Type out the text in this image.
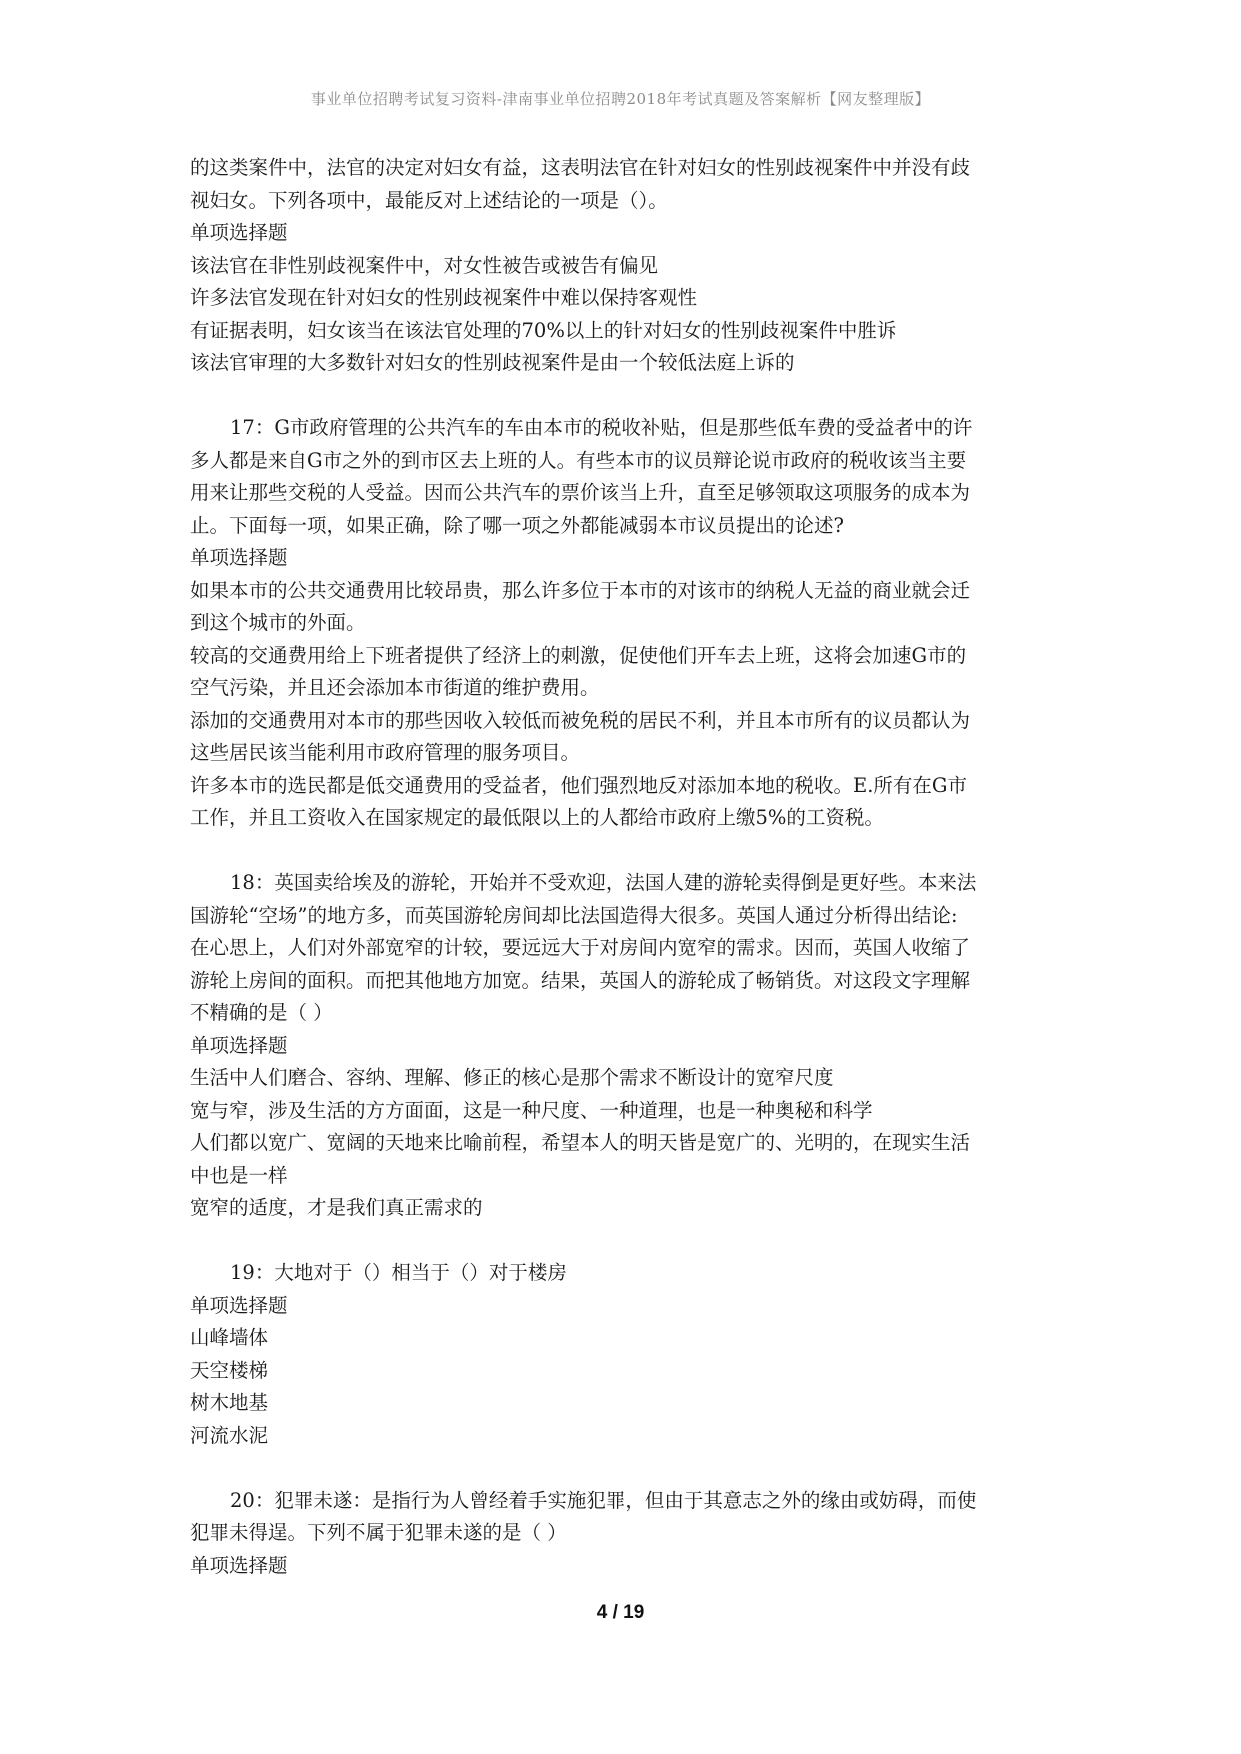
事业单位招聘考试复习资料-津南事业单位招聘2018年考试真题及答案解析【网友整理版】
的这类案件中，法官的决定对妇女有益，这表明法官在针对妇女的性别歧视案件中并没有歧
视妇女。下列各项中，最能反对上述结论的一项是（）。
单项选择题
该法官在非性别歧视案件中，对女性被告或被告有偏见
许多法官发现在针对妇女的性别歧视案件中难以保持客观性
有证据表明，妇女该当在该法官处理的70%以上的针对妇女的性别歧视案件中胜诉
该法官审理的大多数针对妇女的性别歧视案件是由一个较低法庭上诉的
17：G市政府管理的公共汽车的车由本市的税收补贴，但是那些低车费的受益者中的许
多人都是来自G市之外的到市区去上班的人。有些本市的议员辩论说市政府的税收该当主要
用来让那些交税的人受益。因而公共汽车的票价该当上升，直至足够领取这项服务的成本为
止。下面每一项，如果正确，除了哪一项之外都能减弱本市议员提出的论述?
单项选择题
如果本市的公共交通费用比较昂贵，那么许多位于本市的对该市的纳税人无益的商业就会迁
到这个城市的外面。
较高的交通费用给上下班者提供了经济上的刺激，促使他们开车去上班，这将会加速G市的
空气污染，并且还会添加本市街道的维护费用。
添加的交通费用对本市的那些因收入较低而被免税的居民不利，并且本市所有的议员都认为
这些居民该当能利用市政府管理的服务项目。
许多本市的选民都是低交通费用的受益者，他们强烈地反对添加本地的税收。E.所有在G市
工作，并且工资收入在国家规定的最低限以上的人都给市政府上缴5%的工资税。
18：英国卖给埃及的游轮，开始并不受欢迎，法国人建的游轮卖得倒是更好些。本来法
国游轮“空场”的地方多，而英国游轮房间却比法国造得大很多。英国人通过分析得出结论:
在心思上，人们对外部宽窄的计较，要远远大于对房间内宽窄的需求。因而，英国人收缩了
游轮上房间的面积。而把其他地方加宽。结果，英国人的游轮成了畅销货。对这段文字理解
不精确的是（ ）
单项选择题
生活中人们磨合、容纳、理解、修正的核心是那个需求不断设计的宽窄尺度
宽与窄，涉及生活的方方面面，这是一种尺度、一种道理，也是一种奥秘和科学
人们都以宽广、宽阔的天地来比喻前程，希望本人的明天皆是宽广的、光明的，在现实生活
中也是一样
宽窄的适度，才是我们真正需求的
19：大地对于（）相当于（）对于楼房
单项选择题
山峰墙体
天空楼梯
树木地基
河流水泥
20：犯罪未遂：是指行为人曾经着手实施犯罪，但由于其意志之外的缘由或妨碍，而使
犯罪未得逞。下列不属于犯罪未遂的是（ ）
单项选择题
4 / 19
